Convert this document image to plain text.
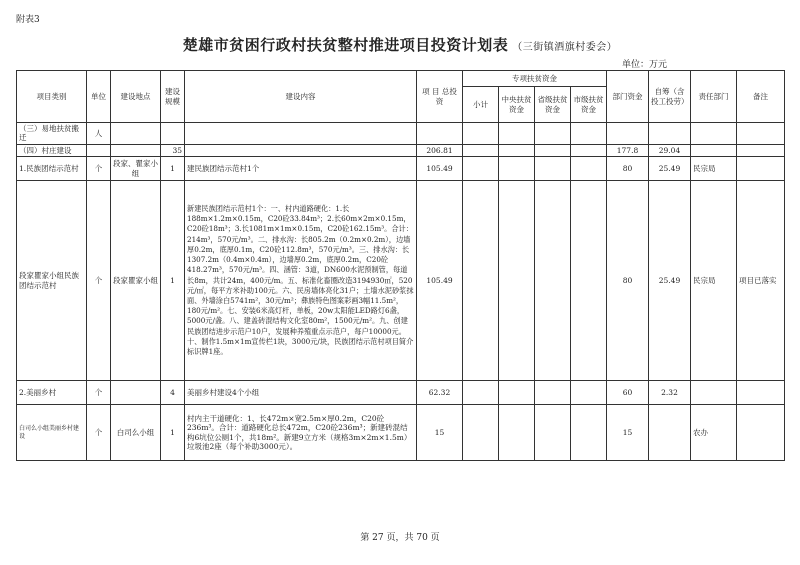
附表3
楚雄市贫困行政村扶贫整村推进项目投资计划表 （三街镇酒旗村委会）
单位：万元
项目类别	单位	建设地点	建设规模	建设内容	项 目 总投资	专项扶贫资金				部门资金	自筹（含投工投劳）	责任部门	备注
						小计	中央扶贫资金	省级扶贫资金	市级扶贫资金				
（三）易地扶贫搬迁	人												
（四）村庄建设			35		206.81					177.8	29.04		
1.民族团结示范村	个	段家、瞿家小组	1	建民族团结示范村1个	105.49					80	25.49	民宗局	
段家瞿家小组民族团结示范村	个	段家瞿家小组	1	新建民族团结示范村1个：一、村内道路硬化：1.长188m×1.2m×0.15m，C20砼33.84m³；2.长60m×2m×0.15m，C20砼18m³；3.长1081m×1m×0.15m，C20砼162.15m³。合计：214m³，570元/m³。二、排水沟：长805.2m（0.2m×0.2m），边墙厚0.2m，底厚0.1m，C20砼112.8m³，570元/m³。三、排水沟：长1307.2m（0.4m×0.4m），边墙厚0.2m，底厚0.2m，C20砼418.27m³，570元/m³。四、涵管：3道，DN600水泥预制管，每道长8m，共计24m，400元/m。五、标准化畜圈改造3194930㎡，520元/㎡，每平方米补助100元。六、民房墙体亮化31户；土墙水泥砂浆抹面、外墙涂白5741m²，30元/m²；彝族特色图案彩画3幅11.5m²，180元/m²。七、安装6米高灯杆，单板，20w太阳能LED路灯6盏，5000元/盏。八、建盖砖混结构文化室80m²，1500元/m²。九、创建民族团结进步示范户10户，发展种养殖重点示范户，每户10000元。十、制作1.5m×1m宣传栏1块，3000元/块，民族团结示范村项目简介标识牌1座。	105.49					80	25.49	民宗局	项目已落实
2.美丽乡村	个		4	美丽乡村建设4个小组	62.32					60	2.32		
白司么小组美丽乡村建设	个	白司么小组	1	村内主干道硬化：1、长472m×宽2.5m×厚0.2m，C20砼236m³。合计：道路硬化总长472m，C20砼236m³；新建砖混结构6坑位公厕1个，共18m²。新建9立方米（规格3m×2m×1.5m）垃圾池2座（每个补助3000元）。	15					15		农办	
第 27 页，共 70 页
